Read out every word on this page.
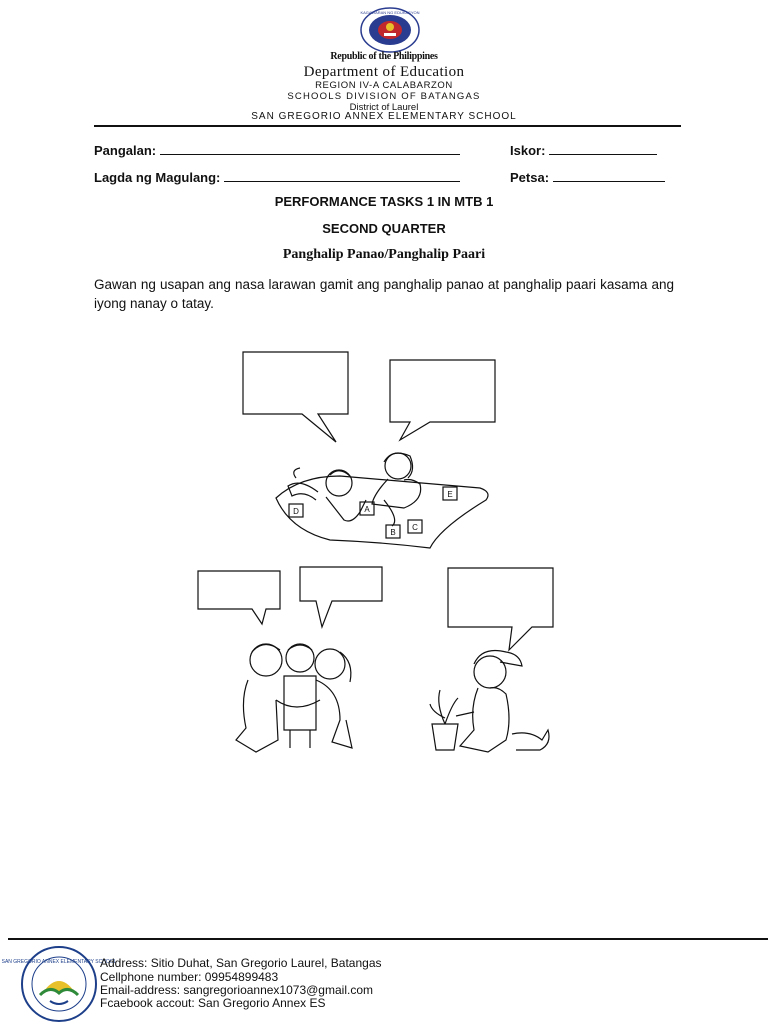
KAGAWARAN NG EDUKASYON
Republic of the Philippines
Department of Education
REGION IV-A CALABARZON
SCHOOLS DIVISION OF BATANGAS
District of Laurel
SAN GREGORIO ANNEX ELEMENTARY SCHOOL
Pangalan:	Iskor:
Lagda ng Magulang:	Petsa:
PERFORMANCE TASKS 1 IN MTB 1
SECOND QUARTER
Panghalip Panao/Panghalip Paari
Gawan ng usapan ang nasa larawan gamit ang panghalip panao at panghalip paari kasama ang iyong nanay o tatay.
D	A
E
B
C
SAN GREGORIO ANNEX ELEMENTARY SCHOOL
Address: Sitio Duhat, San Gregorio Laurel, Batangas
Cellphone number: 09954899483
Email-address: sangregorioannex1073@gmail.com
Fcaebook accout: San Gregorio Annex ES
